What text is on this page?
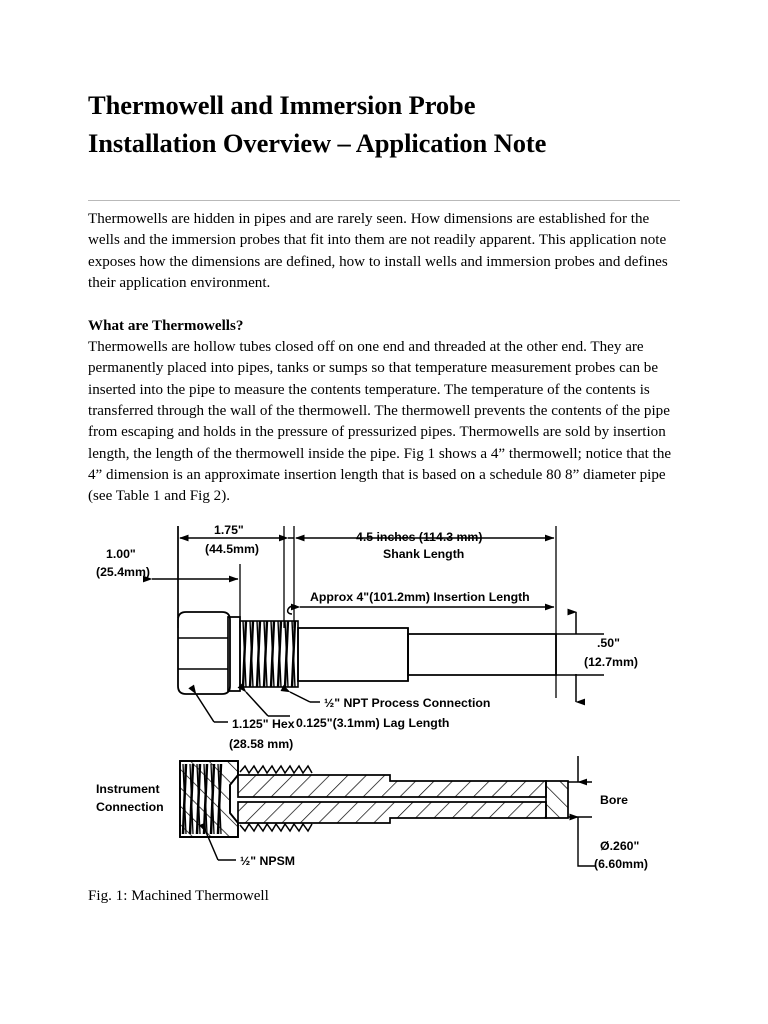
Thermowell and Immersion Probe
Installation Overview – Application Note

Thermowells are hidden in pipes and are rarely seen. How dimensions are established for the wells and the immersion probes that fit into them are not readily apparent. This application note exposes how the dimensions are defined, how to install wells and immersion probes and defines their application environment.

What are Thermowells?

Thermowells are hollow tubes closed off on one end and threaded at the other end. They are permanently placed into pipes, tanks or sumps so that temperature measurement probes can be inserted into the pipe to measure the contents temperature. The temperature of the contents is transferred through the wall of the thermowell. The thermowell prevents the contents of the pipe from escaping and holds in the pressure of pressurized pipes. Thermowells are sold by insertion length, the length of the thermowell inside the pipe. Fig 1 shows a 4” thermowell; notice that the 4” dimension is an approximate insertion length that is based on a schedule 80 8” diameter pipe (see Table 1 and Fig 2).

1.75"
(44.5mm)
1.00"
(25.4mm)
4.5 inches (114.3 mm)
Shank Length
Approx 4"(101.2mm) Insertion Length
.50"
(12.7mm)
½" NPT Process Connection
0.125"(3.1mm) Lag Length
1.125" Hex
(28.58 mm)
Instrument
Connection
½" NPSM
Bore
Ø.260"
(6.60mm)

Fig. 1: Machined Thermowell
